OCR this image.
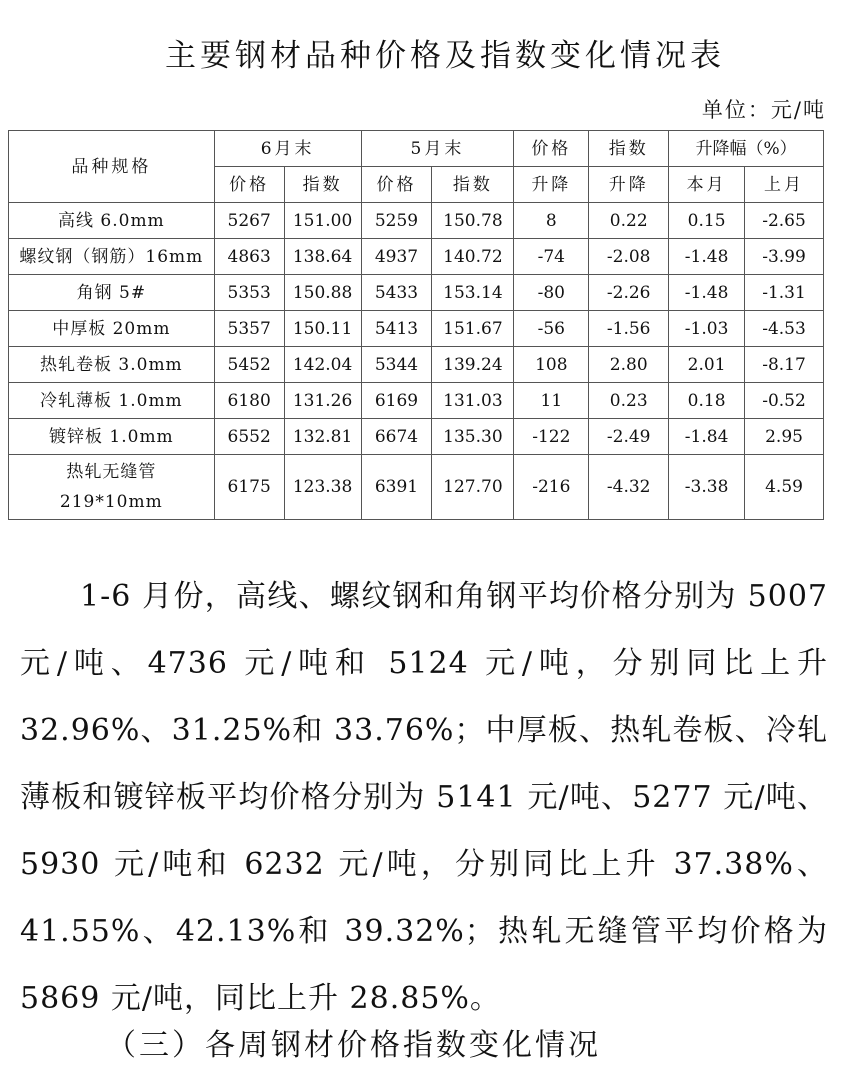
主要钢材品种价格及指数变化情况表
单位：元/吨
品种规格	6月末		5月末		价格	指数	升降幅（%）	
	价格	指数	价格	指数	升降	升降	本月	上月
高线 6.0mm	5267	151.00	5259	150.78	8	0.22	0.15	-2.65
螺纹钢（钢筋）16mm	4863	138.64	4937	140.72	-74	-2.08	-1.48	-3.99
角钢 5#	5353	150.88	5433	153.14	-80	-2.26	-1.48	-1.31
中厚板 20mm	5357	150.11	5413	151.67	-56	-1.56	-1.03	-4.53
热轧卷板 3.0mm	5452	142.04	5344	139.24	108	2.80	2.01	-8.17
冷轧薄板 1.0mm	6180	131.26	6169	131.03	11	0.23	0.18	-0.52
镀锌板 1.0mm	6552	132.81	6674	135.30	-122	-2.49	-1.84	2.95

热轧无缝管
219*10mm	6175	123.38	6391	127.70	-216	-4.32	-3.38	4.59
1-6 月份，高线、螺纹钢和角钢平均价格分别为 5007 元/吨、4736 元/吨和 5124 元/吨，分别同比上升 32.96%、31.25%和 33.76%；中厚板、热轧卷板、冷轧薄板和镀锌板平均价格分别为 5141 元/吨、5277 元/吨、5930 元/吨和 6232 元/吨，分别同比上升 37.38%、41.55%、42.13%和 39.32%；热轧无缝管平均价格为 5869 元/吨，同比上升 28.85%。
（三）各周钢材价格指数变化情况
